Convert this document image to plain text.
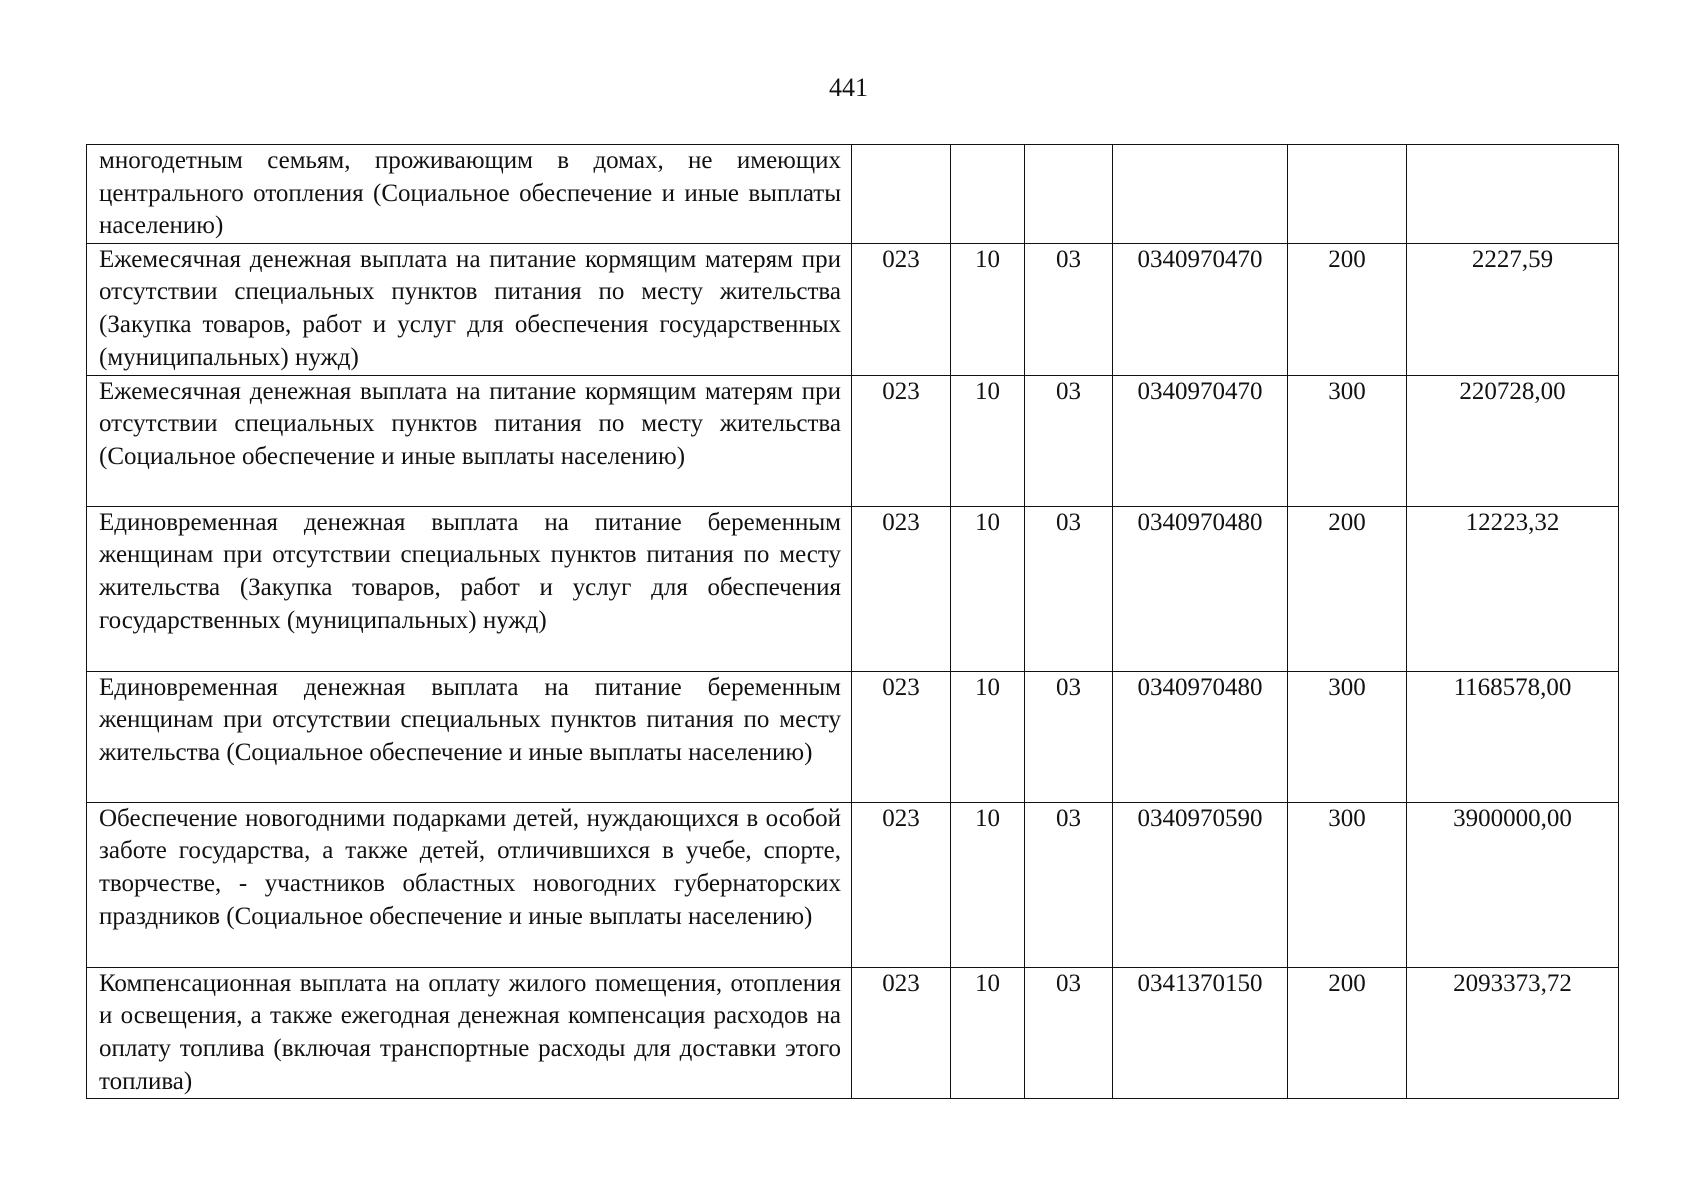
441
многодетным семьям, проживающим в домах, не имеющих центрального отопления (Социальное обеспечение и иные выплаты населению)						
Ежемесячная денежная выплата на питание кормящим матерям при отсутствии специальных пунктов питания по месту жительства (Закупка товаров, работ и услуг для обеспечения государственных (муниципальных) нужд)	023	10	03	0340970470	200	2227,59
Ежемесячная денежная выплата на питание кормящим матерям при отсутствии специальных пунктов питания по месту жительства (Социальное обеспечение и иные выплаты населению)	023	10	03	0340970470	300	220728,00
Единовременная денежная выплата на питание беременным женщинам при отсутствии специальных пунктов питания по месту жительства (Закупка товаров, работ и услуг для обеспечения государственных (муниципальных) нужд)	023	10	03	0340970480	200	12223,32
Единовременная денежная выплата на питание беременным женщинам при отсутствии специальных пунктов питания по месту жительства (Социальное обеспечение и иные выплаты населению)	023	10	03	0340970480	300	1168578,00
Обеспечение новогодними подарками детей, нуждающихся в особой заботе государства, а также детей, отличившихся в учебе, спорте, творчестве, - участников областных новогодних губернаторских праздников (Социальное обеспечение и иные выплаты населению)	023	10	03	0340970590	300	3900000,00
Компенсационная выплата на оплату жилого помещения, отопления и освещения, а также ежегодная денежная компенсация расходов на оплату топлива (включая транспортные расходы для доставки этого топлива)	023	10	03	0341370150	200	2093373,72
